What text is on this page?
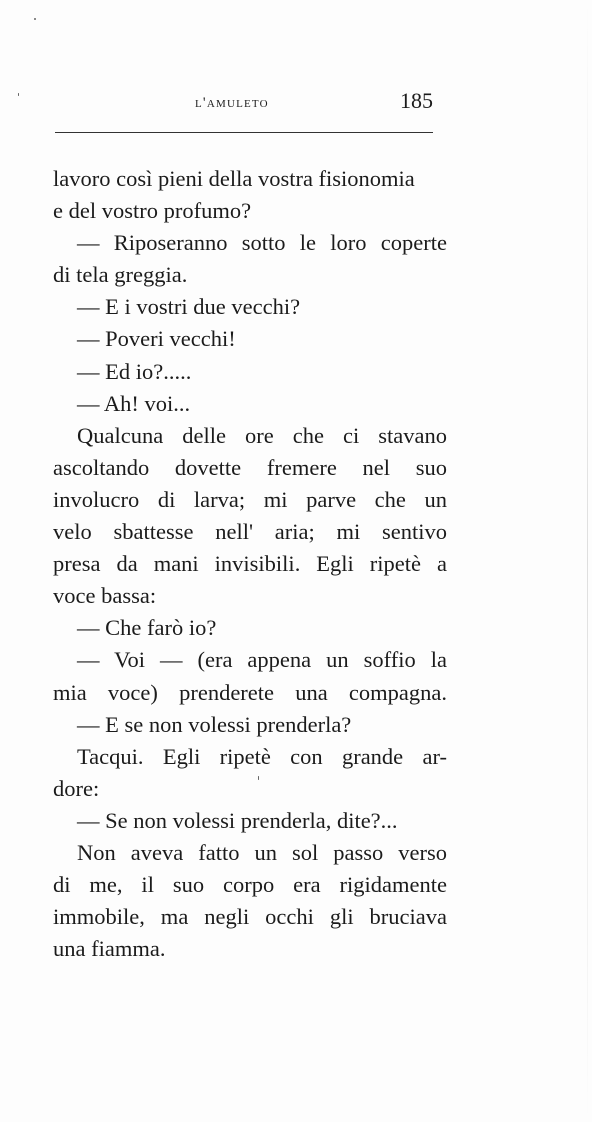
l'amuleto	185
lavoro così pieni della vostra fisionomia
e del vostro profumo?
— Riposeranno sotto le loro coperte
di tela greggia.
— E i vostri due vecchi?
— Poveri vecchi!
— Ed io?.....
— Ah! voi...
Qualcuna delle ore che ci stavano
ascoltando dovette fremere nel suo
involucro di larva; mi parve che un
velo sbattesse nell' aria; mi sentivo
presa da mani invisibili. Egli ripetè a
voce bassa:
— Che farò io?
— Voi — (era appena un soffio la
mia voce) prenderete una compagna.
— E se non volessi prenderla?
Tacqui. Egli ripetè con grande ar-
dore:
— Se non volessi prenderla, dite?...
Non aveva fatto un sol passo verso
di me, il suo corpo era rigidamente
immobile, ma negli occhi gli bruciava
una fiamma.
